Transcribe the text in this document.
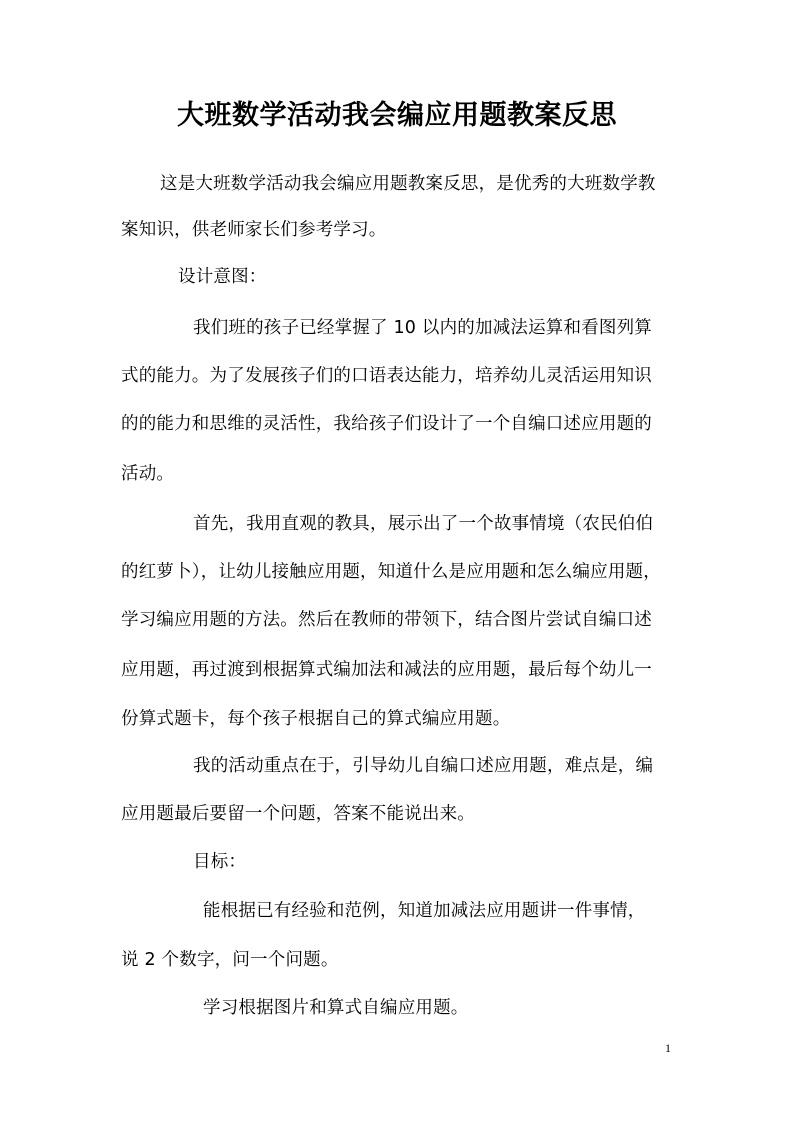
大班数学活动我会编应用题教案反思
这是大班数学活动我会编应用题教案反思，是优秀的大班数学教
案知识，供老师家长们参考学习。
设计意图：
我们班的孩子已经掌握了 10 以内的加减法运算和看图列算
式的能力。为了发展孩子们的口语表达能力，培养幼儿灵活运用知识
的的能力和思维的灵活性，我给孩子们设计了一个自编口述应用题的
活动。
首先，我用直观的教具，展示出了一个故事情境（农民伯伯
的红萝卜），让幼儿接触应用题，知道什么是应用题和怎么编应用题，
学习编应用题的方法。然后在教师的带领下，结合图片尝试自编口述
应用题，再过渡到根据算式编加法和减法的应用题，最后每个幼儿一
份算式题卡，每个孩子根据自己的算式编应用题。
我的活动重点在于，引导幼儿自编口述应用题，难点是，编
应用题最后要留一个问题，答案不能说出来。
目标：
能根据已有经验和范例，知道加减法应用题讲一件事情，
说 2 个数字，问一个问题。
学习根据图片和算式自编应用题。
1
